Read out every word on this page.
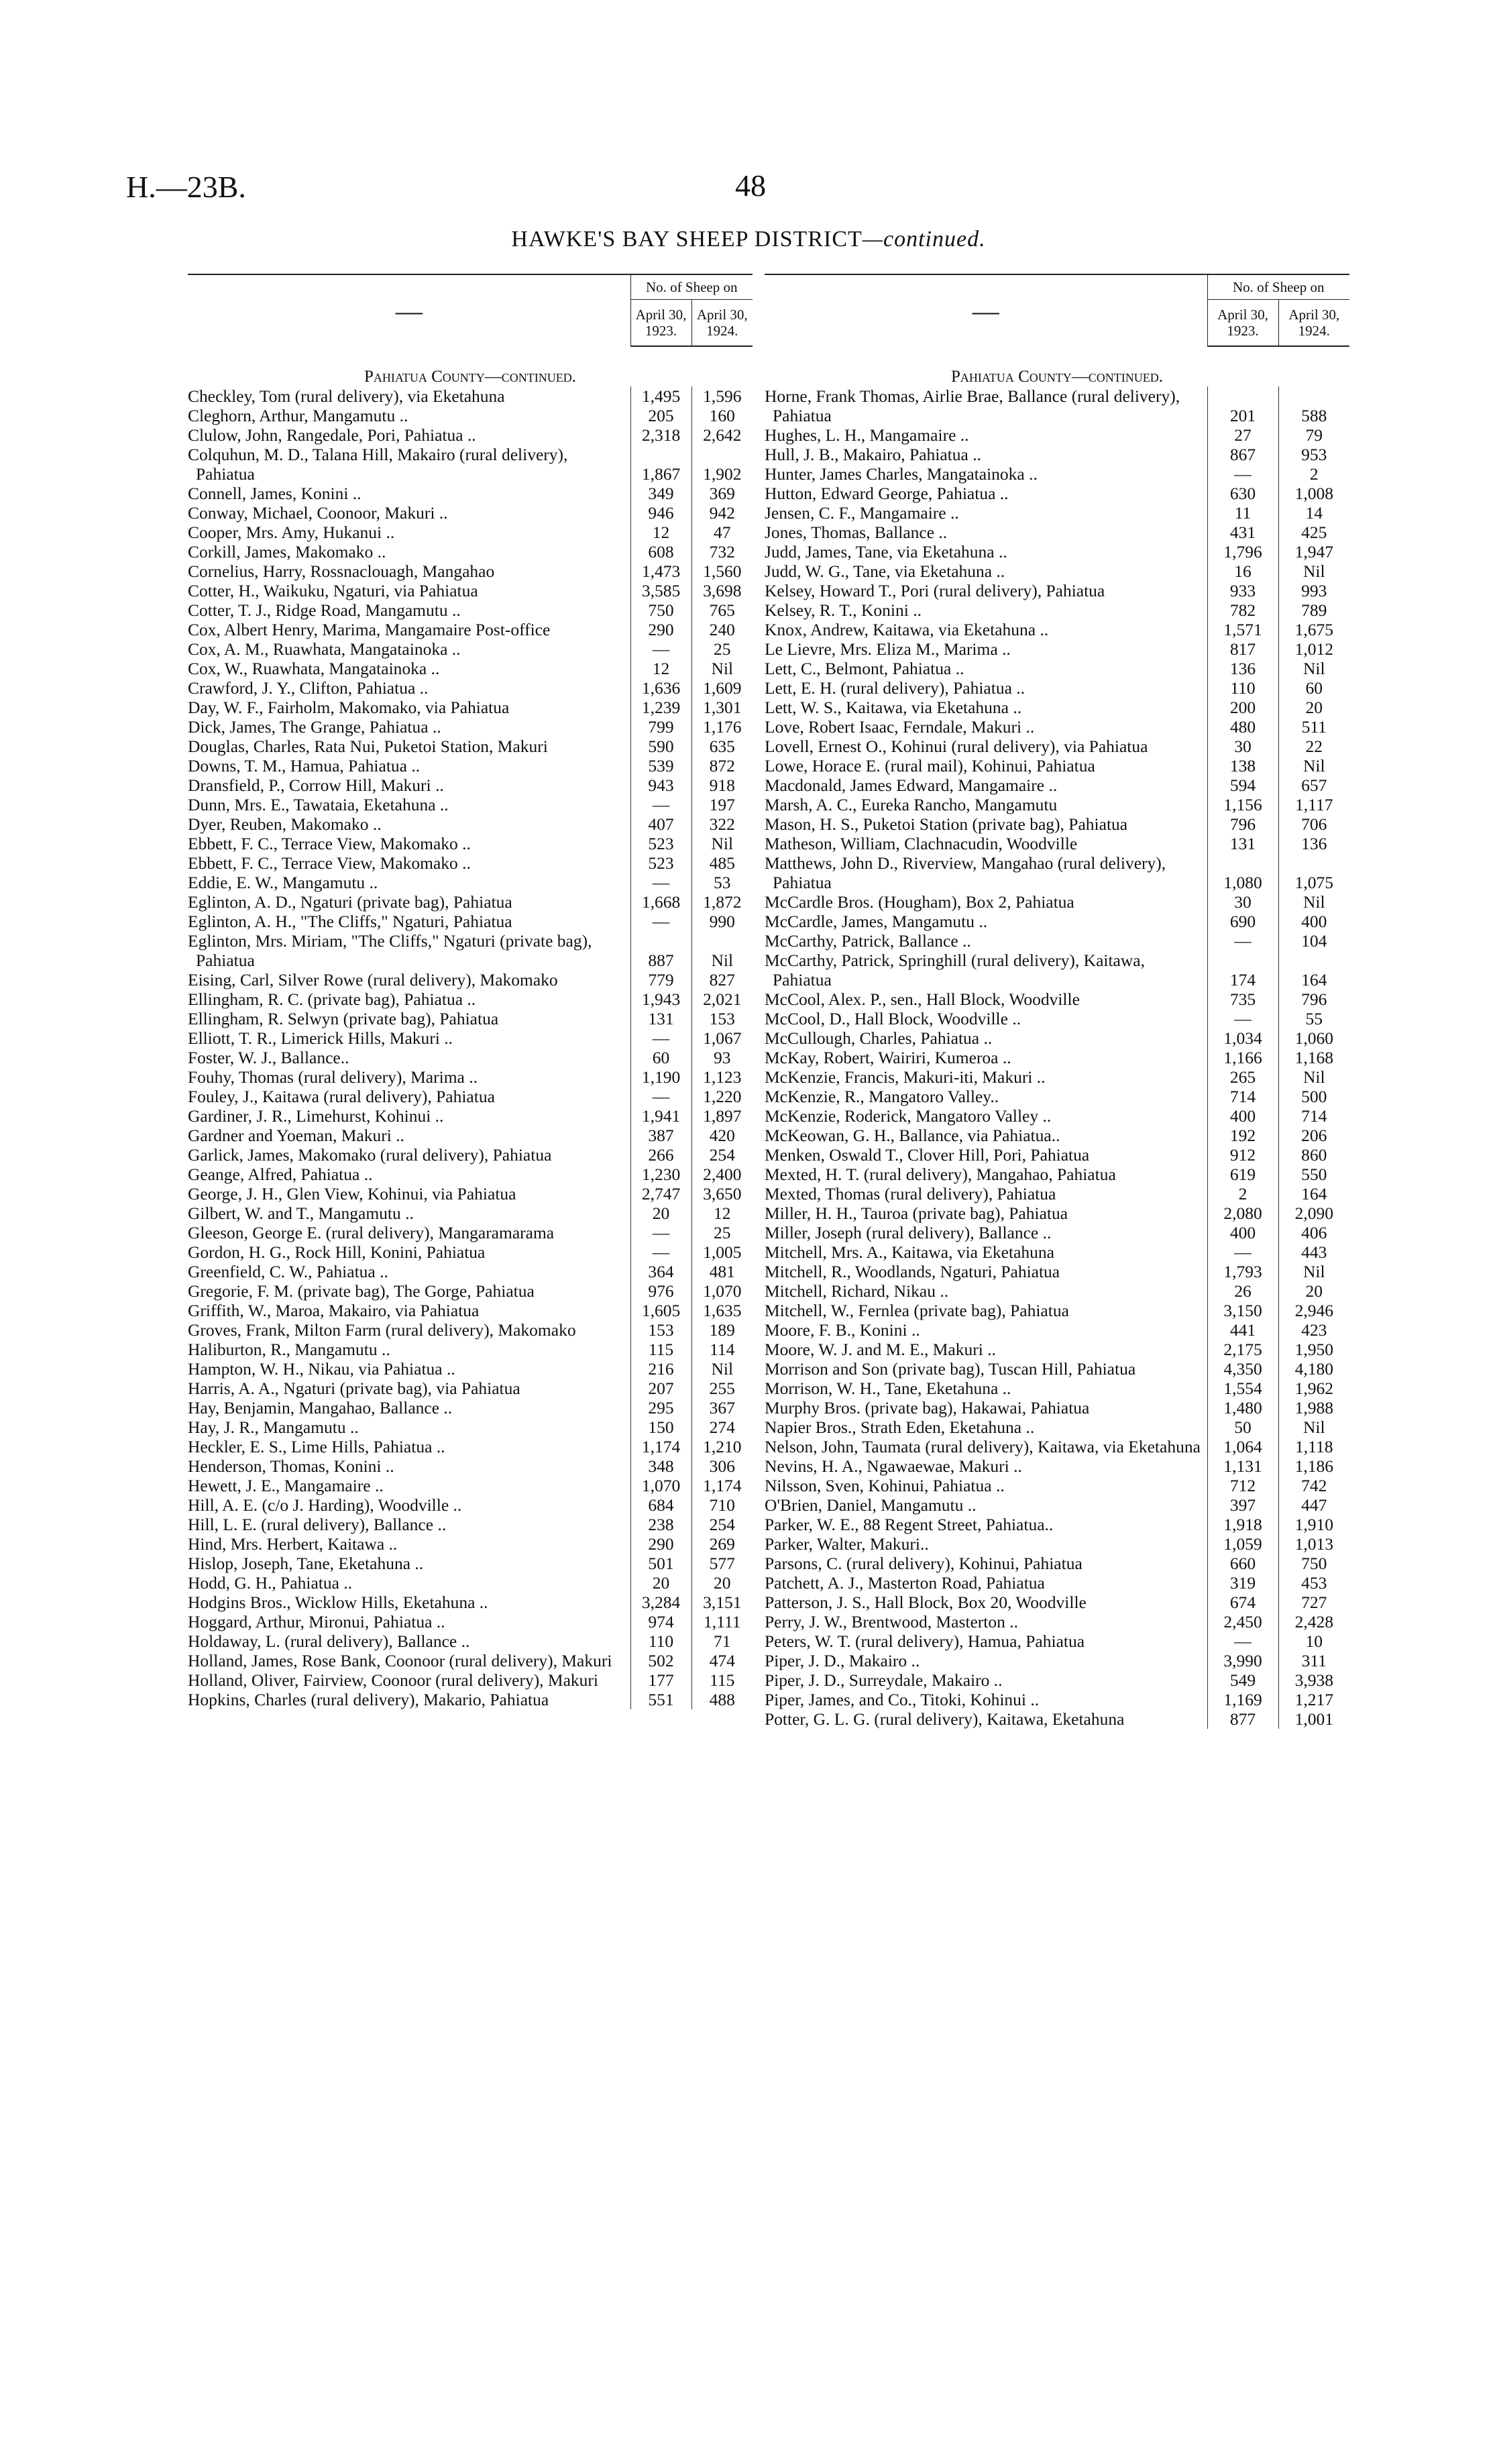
H.—23B.	48
HAWKE'S BAY SHEEP DISTRICT—continued.
—	No. of Sheep on	
	April 30, 1923.	April 30, 1924.
Pahiatua County—continued.		
Checkley, Tom (rural delivery), via Eketahuna	1,495	1,596
Cleghorn, Arthur, Mangamutu ..	205	160
Clulow, John, Rangedale, Pori, Pahiatua ..	2,318	2,642
Colquhun, M. D., Talana Hill, Makairo (rural delivery), Pahiatua	1,867	1,902
Connell, James, Konini ..	349	369
Conway, Michael, Coonoor, Makuri ..	946	942
Cooper, Mrs. Amy, Hukanui ..	12	47
Corkill, James, Makomako ..	608	732
Cornelius, Harry, Rossnaclouagh, Mangahao	1,473	1,560
Cotter, H., Waikuku, Ngaturi, via Pahiatua	3,585	3,698
Cotter, T. J., Ridge Road, Mangamutu ..	750	765
Cox, Albert Henry, Marima, Mangamaire Post-office	290	240
Cox, A. M., Ruawhata, Mangatainoka ..	—	25
Cox, W., Ruawhata, Mangatainoka ..	12	Nil
Crawford, J. Y., Clifton, Pahiatua ..	1,636	1,609
Day, W. F., Fairholm, Makomako, via Pahiatua	1,239	1,301
Dick, James, The Grange, Pahiatua ..	799	1,176
Douglas, Charles, Rata Nui, Puketoi Station, Makuri	590	635
Downs, T. M., Hamua, Pahiatua ..	539	872
Dransfield, P., Corrow Hill, Makuri ..	943	918
Dunn, Mrs. E., Tawataia, Eketahuna ..	—	197
Dyer, Reuben, Makomako ..	407	322
Ebbett, F. C., Terrace View, Makomako ..	523	Nil
Ebbett, F. C., Terrace View, Makomako ..	523	485
Eddie, E. W., Mangamutu ..	—	53
Eglinton, A. D., Ngaturi (private bag), Pahiatua	1,668	1,872
Eglinton, A. H., "The Cliffs," Ngaturi, Pahiatua	—	990
Eglinton, Mrs. Miriam, "The Cliffs," Ngaturi (private bag), Pahiatua	887	Nil
Eising, Carl, Silver Rowe (rural delivery), Makomako	779	827
Ellingham, R. C. (private bag), Pahiatua ..	1,943	2,021
Ellingham, R. Selwyn (private bag), Pahiatua	131	153
Elliott, T. R., Limerick Hills, Makuri ..	—	1,067
Foster, W. J., Ballance..	60	93
Fouhy, Thomas (rural delivery), Marima ..	1,190	1,123
Fouley, J., Kaitawa (rural delivery), Pahiatua	—	1,220
Gardiner, J. R., Limehurst, Kohinui ..	1,941	1,897
Gardner and Yoeman, Makuri ..	387	420
Garlick, James, Makomako (rural delivery), Pahiatua	266	254
Geange, Alfred, Pahiatua ..	1,230	2,400
George, J. H., Glen View, Kohinui, via Pahiatua	2,747	3,650
Gilbert, W. and T., Mangamutu ..	20	12
Gleeson, George E. (rural delivery), Mangaramarama	—	25
Gordon, H. G., Rock Hill, Konini, Pahiatua	—	1,005
Greenfield, C. W., Pahiatua ..	364	481
Gregorie, F. M. (private bag), The Gorge, Pahiatua	976	1,070
Griffith, W., Maroa, Makairo, via Pahiatua	1,605	1,635
Groves, Frank, Milton Farm (rural delivery), Makomako	153	189
Haliburton, R., Mangamutu ..	115	114
Hampton, W. H., Nikau, via Pahiatua ..	216	Nil
Harris, A. A., Ngaturi (private bag), via Pahiatua	207	255
Hay, Benjamin, Mangahao, Ballance ..	295	367
Hay, J. R., Mangamutu ..	150	274
Heckler, E. S., Lime Hills, Pahiatua ..	1,174	1,210
Henderson, Thomas, Konini ..	348	306
Hewett, J. E., Mangamaire ..	1,070	1,174
Hill, A. E. (c/o J. Harding), Woodville ..	684	710
Hill, L. E. (rural delivery), Ballance ..	238	254
Hind, Mrs. Herbert, Kaitawa ..	290	269
Hislop, Joseph, Tane, Eketahuna ..	501	577
Hodd, G. H., Pahiatua ..	20	20
Hodgins Bros., Wicklow Hills, Eketahuna ..	3,284	3,151
Hoggard, Arthur, Mironui, Pahiatua ..	974	1,111
Holdaway, L. (rural delivery), Ballance ..	110	71
Holland, James, Rose Bank, Coonoor (rural delivery), Makuri	502	474
Holland, Oliver, Fairview, Coonoor (rural delivery), Makuri	177	115
Hopkins, Charles (rural delivery), Makario, Pahiatua	551	488
—	No. of Sheep on	
	April 30, 1923.	April 30, 1924.
Pahiatua County—continued.		
Horne, Frank Thomas, Airlie Brae, Ballance (rural delivery), Pahiatua	201	588
Hughes, L. H., Mangamaire ..	27	79
Hull, J. B., Makairo, Pahiatua ..	867	953
Hunter, James Charles, Mangatainoka ..	—	2
Hutton, Edward George, Pahiatua ..	630	1,008
Jensen, C. F., Mangamaire ..	11	14
Jones, Thomas, Ballance ..	431	425
Judd, James, Tane, via Eketahuna ..	1,796	1,947
Judd, W. G., Tane, via Eketahuna ..	16	Nil
Kelsey, Howard T., Pori (rural delivery), Pahiatua	933	993
Kelsey, R. T., Konini ..	782	789
Knox, Andrew, Kaitawa, via Eketahuna ..	1,571	1,675
Le Lievre, Mrs. Eliza M., Marima ..	817	1,012
Lett, C., Belmont, Pahiatua ..	136	Nil
Lett, E. H. (rural delivery), Pahiatua ..	110	60
Lett, W. S., Kaitawa, via Eketahuna ..	200	20
Love, Robert Isaac, Ferndale, Makuri ..	480	511
Lovell, Ernest O., Kohinui (rural delivery), via Pahiatua	30	22
Lowe, Horace E. (rural mail), Kohinui, Pahiatua	138	Nil
Macdonald, James Edward, Mangamaire ..	594	657
Marsh, A. C., Eureka Rancho, Mangamutu	1,156	1,117
Mason, H. S., Puketoi Station (private bag), Pahiatua	796	706
Matheson, William, Clachnacudin, Woodville	131	136
Matthews, John D., Riverview, Mangahao (rural delivery), Pahiatua	1,080	1,075
McCardle Bros. (Hougham), Box 2, Pahiatua	30	Nil
McCardle, James, Mangamutu ..	690	400
McCarthy, Patrick, Ballance ..	—	104
McCarthy, Patrick, Springhill (rural delivery), Kaitawa, Pahiatua	174	164
McCool, Alex. P., sen., Hall Block, Woodville	735	796
McCool, D., Hall Block, Woodville ..	—	55
McCullough, Charles, Pahiatua ..	1,034	1,060
McKay, Robert, Wairiri, Kumeroa ..	1,166	1,168
McKenzie, Francis, Makuri-iti, Makuri ..	265	Nil
McKenzie, R., Mangatoro Valley..	714	500
McKenzie, Roderick, Mangatoro Valley ..	400	714
McKeowan, G. H., Ballance, via Pahiatua..	192	206
Menken, Oswald T., Clover Hill, Pori, Pahiatua	912	860
Mexted, H. T. (rural delivery), Mangahao, Pahiatua	619	550
Mexted, Thomas (rural delivery), Pahiatua	2	164
Miller, H. H., Tauroa (private bag), Pahiatua	2,080	2,090
Miller, Joseph (rural delivery), Ballance ..	400	406
Mitchell, Mrs. A., Kaitawa, via Eketahuna	—	443
Mitchell, R., Woodlands, Ngaturi, Pahiatua	1,793	Nil
Mitchell, Richard, Nikau ..	26	20
Mitchell, W., Fernlea (private bag), Pahiatua	3,150	2,946
Moore, F. B., Konini ..	441	423
Moore, W. J. and M. E., Makuri ..	2,175	1,950
Morrison and Son (private bag), Tuscan Hill, Pahiatua	4,350	4,180
Morrison, W. H., Tane, Eketahuna ..	1,554	1,962
Murphy Bros. (private bag), Hakawai, Pahiatua	1,480	1,988
Napier Bros., Strath Eden, Eketahuna ..	50	Nil
Nelson, John, Taumata (rural delivery), Kaitawa, via Eketahuna	1,064	1,118
Nevins, H. A., Ngawaewae, Makuri ..	1,131	1,186
Nilsson, Sven, Kohinui, Pahiatua ..	712	742
O'Brien, Daniel, Mangamutu ..	397	447
Parker, W. E., 88 Regent Street, Pahiatua..	1,918	1,910
Parker, Walter, Makuri..	1,059	1,013
Parsons, C. (rural delivery), Kohinui, Pahiatua	660	750
Patchett, A. J., Masterton Road, Pahiatua	319	453
Patterson, J. S., Hall Block, Box 20, Woodville	674	727
Perry, J. W., Brentwood, Masterton ..	2,450	2,428
Peters, W. T. (rural delivery), Hamua, Pahiatua	—	10
Piper, J. D., Makairo ..	3,990	311
Piper, J. D., Surreydale, Makairo ..	549	3,938
Piper, James, and Co., Titoki, Kohinui ..	1,169	1,217
Potter, G. L. G. (rural delivery), Kaitawa, Eketahuna	877	1,001
